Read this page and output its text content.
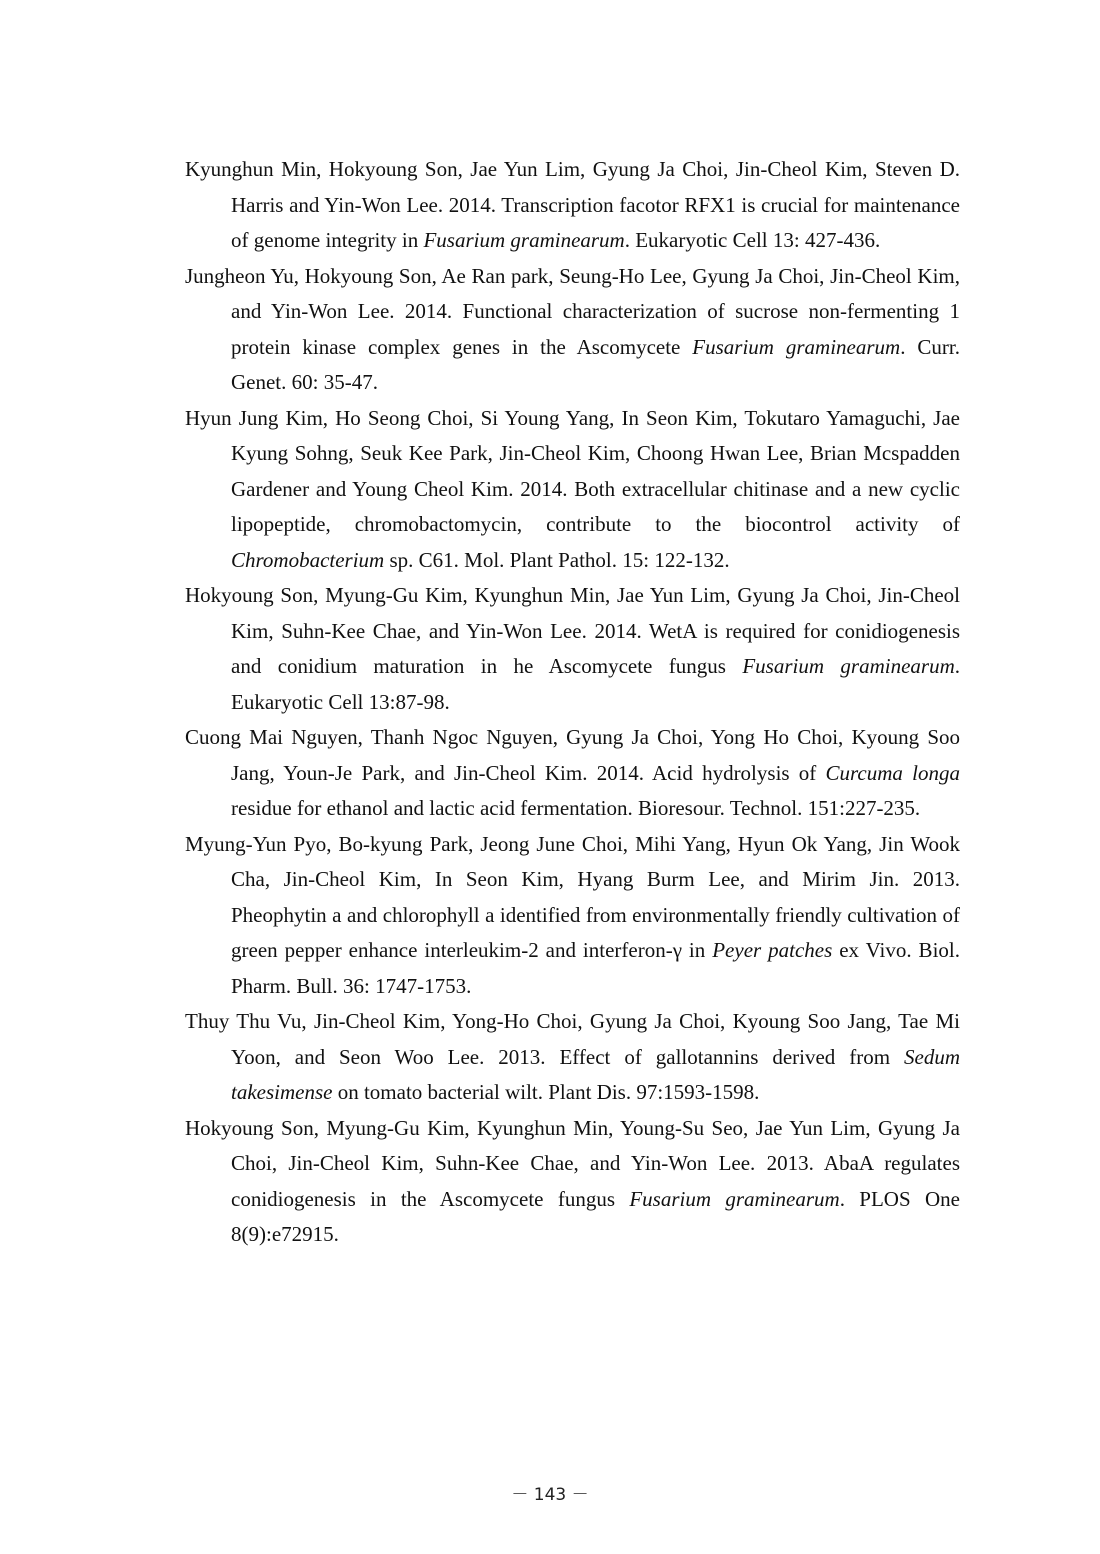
Kyunghun Min, Hokyoung Son, Jae Yun Lim, Gyung Ja Choi, Jin-Cheol Kim, Steven D. Harris and Yin-Won Lee. 2014. Transcription facotor RFX1 is crucial for maintenance of genome integrity in Fusarium graminearum. Eukaryotic Cell 13: 427-436.

Jungheon Yu, Hokyoung Son, Ae Ran park, Seung-Ho Lee, Gyung Ja Choi, Jin-Cheol Kim, and Yin-Won Lee. 2014. Functional characterization of sucrose non-fermenting 1 protein kinase complex genes in the Ascomycete Fusarium graminearum. Curr. Genet. 60: 35-47.

Hyun Jung Kim, Ho Seong Choi, Si Young Yang, In Seon Kim, Tokutaro Yamaguchi, Jae Kyung Sohng, Seuk Kee Park, Jin-Cheol Kim, Choong Hwan Lee, Brian Mcspadden Gardener and Young Cheol Kim. 2014. Both extracellular chitinase and a new cyclic lipopeptide, chromobactomycin, contribute to the biocontrol activity of Chromobacterium sp. C61. Mol. Plant Pathol. 15: 122-132.

Hokyoung Son, Myung-Gu Kim, Kyunghun Min, Jae Yun Lim, Gyung Ja Choi, Jin-Cheol Kim, Suhn-Kee Chae, and Yin-Won Lee. 2014. WetA is required for conidiogenesis and conidium maturation in he Ascomycete fungus Fusarium graminearum. Eukaryotic Cell 13:87-98.

Cuong Mai Nguyen, Thanh Ngoc Nguyen, Gyung Ja Choi, Yong Ho Choi, Kyoung Soo Jang, Youn-Je Park, and Jin-Cheol Kim. 2014. Acid hydrolysis of Curcuma longa residue for ethanol and lactic acid fermentation. Bioresour. Technol. 151:227-235.

Myung-Yun Pyo, Bo-kyung Park, Jeong June Choi, Mihi Yang, Hyun Ok Yang, Jin Wook Cha, Jin-Cheol Kim, In Seon Kim, Hyang Burm Lee, and Mirim Jin. 2013. Pheophytin a and chlorophyll a identified from environmentally friendly cultivation of green pepper enhance interleukim-2 and interferon-γ in Peyer patches ex Vivo. Biol. Pharm. Bull. 36: 1747-1753.

Thuy Thu Vu, Jin-Cheol Kim, Yong-Ho Choi, Gyung Ja Choi, Kyoung Soo Jang, Tae Mi Yoon, and Seon Woo Lee. 2013. Effect of gallotannins derived from Sedum takesimense on tomato bacterial wilt. Plant Dis. 97:1593-1598.

Hokyoung Son, Myung-Gu Kim, Kyunghun Min, Young-Su Seo, Jae Yun Lim, Gyung Ja Choi, Jin-Cheol Kim, Suhn-Kee Chae, and Yin-Won Lee. 2013. AbaA regulates conidiogenesis in the Ascomycete fungus Fusarium graminearum. PLOS One 8(9):e72915.

－ 143 －
